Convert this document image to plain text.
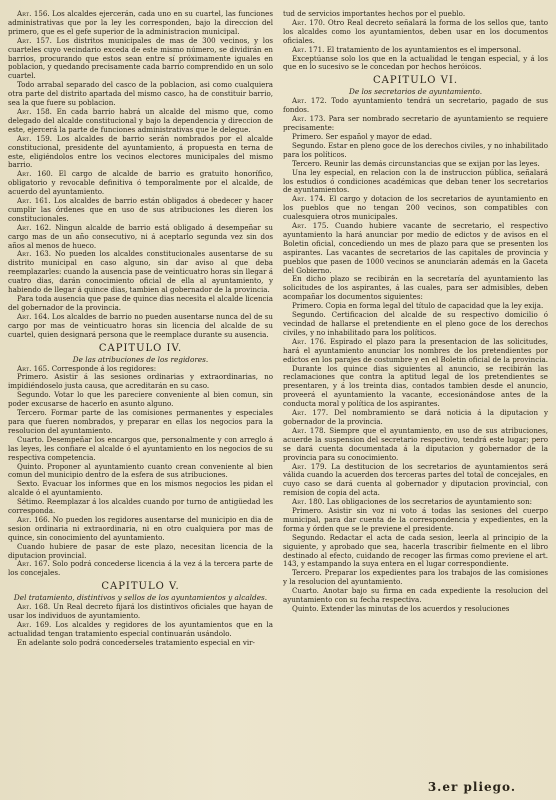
Art. 156. Los alcaldes ejercerán, cada uno en su cuartel, las funciones administrativas que por la ley les corresponden, bajo la direccion del primero, que es el gefe superior de la administracion municipal.

Art. 157. Los distritos municipales de mas de 300 vecinos, y los cuarteles cuyo vecindario exceda de este mismo número, se dividirán en barrios, procurando que estos sean entre sí próximamente iguales en poblacion, y quedando precisamente cada barrio comprendido en un solo cuartel.

Todo arrabal separado del casco de la poblacion, asi como cualquiera otra parte del distrito apartada del mismo casco, ha de constituir barrio, sea la que fuere su poblacion.

Art. 158. En cada barrio habrá un alcalde del mismo que, como delegado del alcalde constitucional y bajo la dependencia y direccion de este, ejercerá la parte de funciones administrativas que le delegue.

Art. 159. Los alcaldes de barrio serán nombrados por el alcalde constitucional, presidente del ayuntamiento, á propuesta en terna de este, eligiéndolos entre los vecinos electores municipales del mismo barrio.

Art. 160. El cargo de alcalde de barrio es gratuito honorífico, obligatorio y revocable definitiva ó temporalmente por el alcalde, de acuerdo del ayuntamiento.

Art. 161. Los alcaldes de barrio están obligados á obedecer y hacer cumplir las órdenes que en uso de sus atribuciones les dieren los constitucionales.

Art. 162. Ningun alcalde de barrio está obligado á desempeñar su cargo mas de un año consecutivo, ni á aceptarlo segunda vez sin dos años al menos de hueco.

Art. 163. No pueden los alcaldes constitucionales ausentarse de su distrito municipal en caso alguno, sin dar aviso al que deba reemplazarles: cuando la ausencia pase de veinticuatro horas sin llegar á cuatro dias, darán conocimiento oficial de ella al ayuntamiento, y habiendo de llegar á quince dias, tambien al gobernador de la provincia.

Para toda ausencia que pase de quince dias necesita el alcalde licencia del gobernador de la provincia.

Art. 164. Los alcaldes de barrio no pueden ausentarse nunca del de su cargo por mas de veinticuatro horas sin licencia del alcalde de su cuartel, quien designará persona que le reemplace durante su ausencia.

CAPITULO IV.
De las atribuciones de los regidores.

Art. 165. Corresponde á los regidores:

Primero. Asistir á las sesiones ordinarias y extraordinarias, no impidiéndoselo justa causa, que acreditarán en su caso.

Segundo. Votar lo que les pareciere conveniente al bien comun, sin poder excusarse de hacerlo en asunto alguno.

Tercero. Formar parte de las comisiones permanentes y especiales para que fueren nombrados, y preparar en ellas los negocios para la resolucion del ayuntamiento.

Cuarto. Desempeñar los encargos que, personalmente y con arreglo á las leyes, les confiare el alcalde ó el ayuntamiento en los negocios de su respectiva competencia.

Quinto. Proponer al ayuntamiento cuanto crean conveniente al bien comun del municipio dentro de la esfera de sus atribuciones.

Sexto. Evacuar los informes que en los mismos negocios les pidan el alcalde ó el ayuntamiento.

Sétimo. Reemplazar á los alcaldes cuando por turno de antigüedad les corresponda.

Art. 166. No pueden los regidores ausentarse del municipio en dia de sesion ordinaria ni extraordinaria, ni en otro cualquiera por mas de quince, sin conocimiento del ayuntamiento.

Cuando hubiere de pasar de este plazo, necesitan licencia de la diputacion provincial.

Art. 167. Solo podrá concederse licencia á la vez á la tercera parte de los concejales.

CAPITULO V.
Del tratamiento, distintivos y sellos de los ayuntamientos y alcaldes.

Art. 168. Un Real decreto fijará los distintivos oficiales que hayan de usar los individuos de ayuntamiento.

Art. 169. Los alcaldes y regidores de los ayuntamientos que en la actualidad tengan tratamiento especial continuarán usándolo.

En adelante solo podrá concederseles tratamiento especial en vir-

tud de servicios importantes hechos por el pueblo.

Art. 170. Otro Real decreto señalará la forma de los sellos que, tanto los alcaldes como los ayuntamientos, deben usar en los documentos oficiales.

Art. 171. El tratamiento de los ayuntamientos es el impersonal.

Exceptúanse solo los que en la actualidad le tengan especial, y á los que en lo sucesivo se le concedan por hechos heróicos.

CAPITULO VI.
De los secretarios de ayuntamiento.

Art. 172. Todo ayuntamiento tendrá un secretario, pagado de sus fondos.

Art. 173. Para ser nombrado secretario de ayuntamiento se requiere precisamente:

Primero. Ser español y mayor de edad.

Segundo. Estar en pleno goce de los derechos civiles, y no inhabilitado para los políticos.

Tercero. Reunir las demás circunstancias que se exijan por las leyes.

Una ley especial, en relacion con la de instruccion pública, señalará los estudios ó condiciones académicas que deban tener los secretarios de ayuntamientos.

Art. 174. El cargo y dotacion de los secretarios de ayuntamiento en los pueblos que no tengan 200 vecinos, son compatibles con cualesquiera otros municipales.

Art. 175. Cuando hubiere vacante de secretario, el respectivo ayuntamiento la hará anunciar por medio de edictos y de avisos en el Boletin oficial, concediendo un mes de plazo para que se presenten los aspirantes. Las vacantes de secretarios de las capitales de provincia y pueblos que pasen de 1000 vecinos se anunciarán además en la Gaceta del Gobierno.

En dicho plazo se recibirán en la secretaría del ayuntamiento las solicitudes de los aspirantes, á las cuales, para ser admisibles, deben acompañar los documentos siguientes:

Primero. Copia en forma legal del título de capacidad que la ley exija.

Segundo. Certificacion del alcalde de su respectivo domicilio ó vecindad de hallarse el pretendiente en el pleno goce de los derechos civiles, y no inhabilitado para los políticos.

Art. 176. Espirado el plazo para la presentacion de las solicitudes, hará el ayuntamiento anunciar los nombres de los pretendientes por edictos en los parajes de costumbre y en el Boletin oficial de la provincia.

Durante los quince dias siguientes al anuncio, se recibirán las reclamaciones que contra la aptitud legal de los pretendientes se presentaren, y á los treinta dias, contados tambien desde el anuncio, proveerá el ayuntamiento la vacante, eccesionándose antes de la conducta moral y política de los aspirantes.

Art. 177. Del nombramiento se dará noticia á la diputacion y gobernador de la provincia.

Art. 178. Siempre que el ayuntamiento, en uso de sus atribuciones, acuerde la suspension del secretario respectivo, tendrá este lugar; pero se dará cuenta documentada á la diputacion y gobernador de la provincia para su conocimiento.

Art. 179. La destitucion de los secretarios de ayuntamientos será válida cuando la acuerden dos terceras partes del total de concejales, en cuyo caso se dará cuenta al gobernador y diputacion provincial, con remision de copia del acta.

Art. 180. Las obligaciones de los secretarios de ayuntamiento son:

Primero. Asistir sin voz ni voto á todas las sesiones del cuerpo municipal, para dar cuenta de la correspondencia y expedientes, en la forma y órden que se le previene el presidente.

Segundo. Redactar el acta de cada sesion, leerla al principio de la siguiente, y aprobado que sea, hacerla trascribir fielmente en el libro destinado al efecto, cuidando de recoger las firmas como previene el art. 143, y estampando la suya entera en el lugar correspondiente.

Tercero. Preparar los expedientes para los trabajos de las comisiones y la resolucion del ayuntamiento.

Cuarto. Anotar bajo su firma en cada expediente la resolucion del ayuntamiento con su fecha respectiva.

Quinto. Extender las minutas de los acuerdos y resoluciones

3.er pliego.
